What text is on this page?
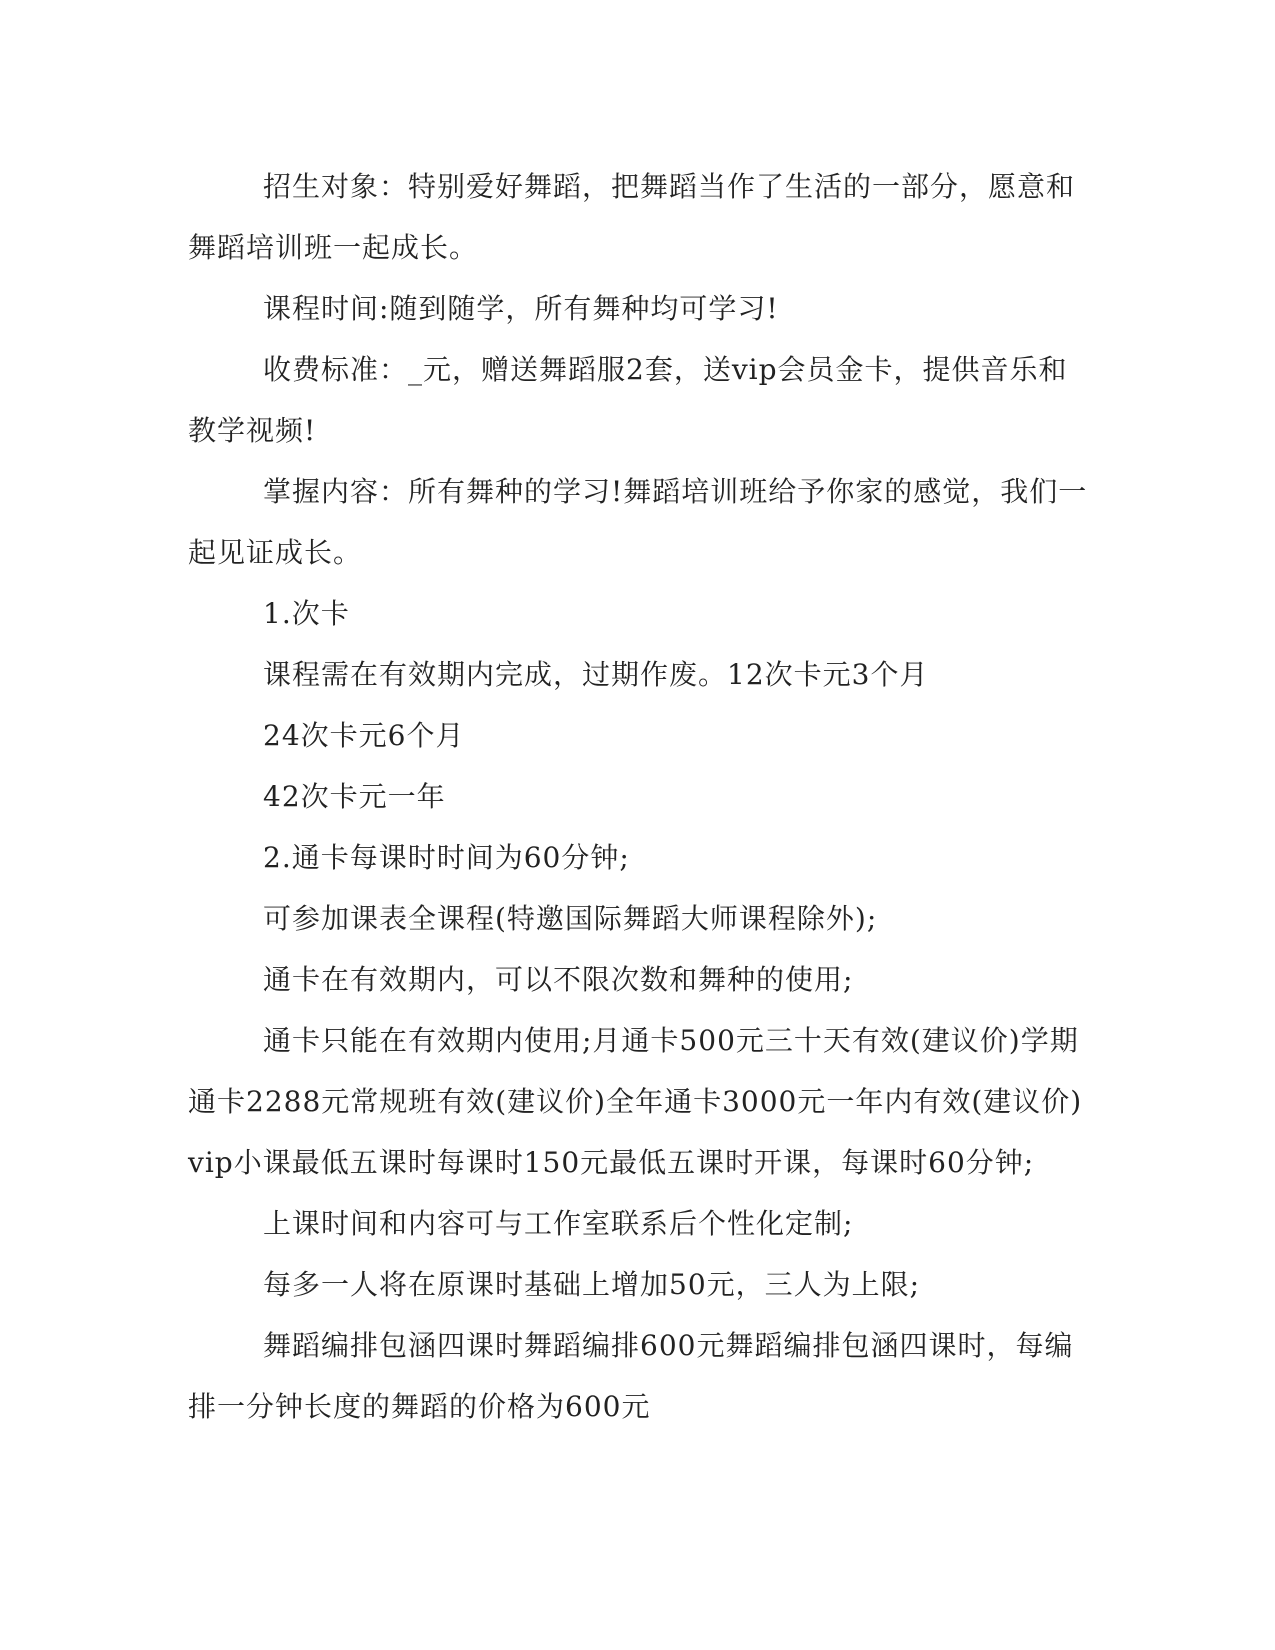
招生对象：特别爱好舞蹈，把舞蹈当作了生活的一部分，愿意和舞蹈培训班一起成长。

课程时间:随到随学，所有舞种均可学习!

收费标准：_元，赠送舞蹈服2套，送vip会员金卡，提供音乐和教学视频!

掌握内容：所有舞种的学习!舞蹈培训班给予你家的感觉，我们一起见证成长。

1.次卡

课程需在有效期内完成，过期作废。12次卡元3个月

24次卡元6个月

42次卡元一年

2.通卡每课时时间为60分钟;

可参加课表全课程(特邀国际舞蹈大师课程除外);

通卡在有效期内，可以不限次数和舞种的使用;

通卡只能在有效期内使用;月通卡500元三十天有效(建议价)学期通卡2288元常规班有效(建议价)全年通卡3000元一年内有效(建议价)vip小课最低五课时每课时150元最低五课时开课，每课时60分钟;

上课时间和内容可与工作室联系后个性化定制;

每多一人将在原课时基础上增加50元，三人为上限;

舞蹈编排包涵四课时舞蹈编排600元舞蹈编排包涵四课时，每编排一分钟长度的舞蹈的价格为600元
